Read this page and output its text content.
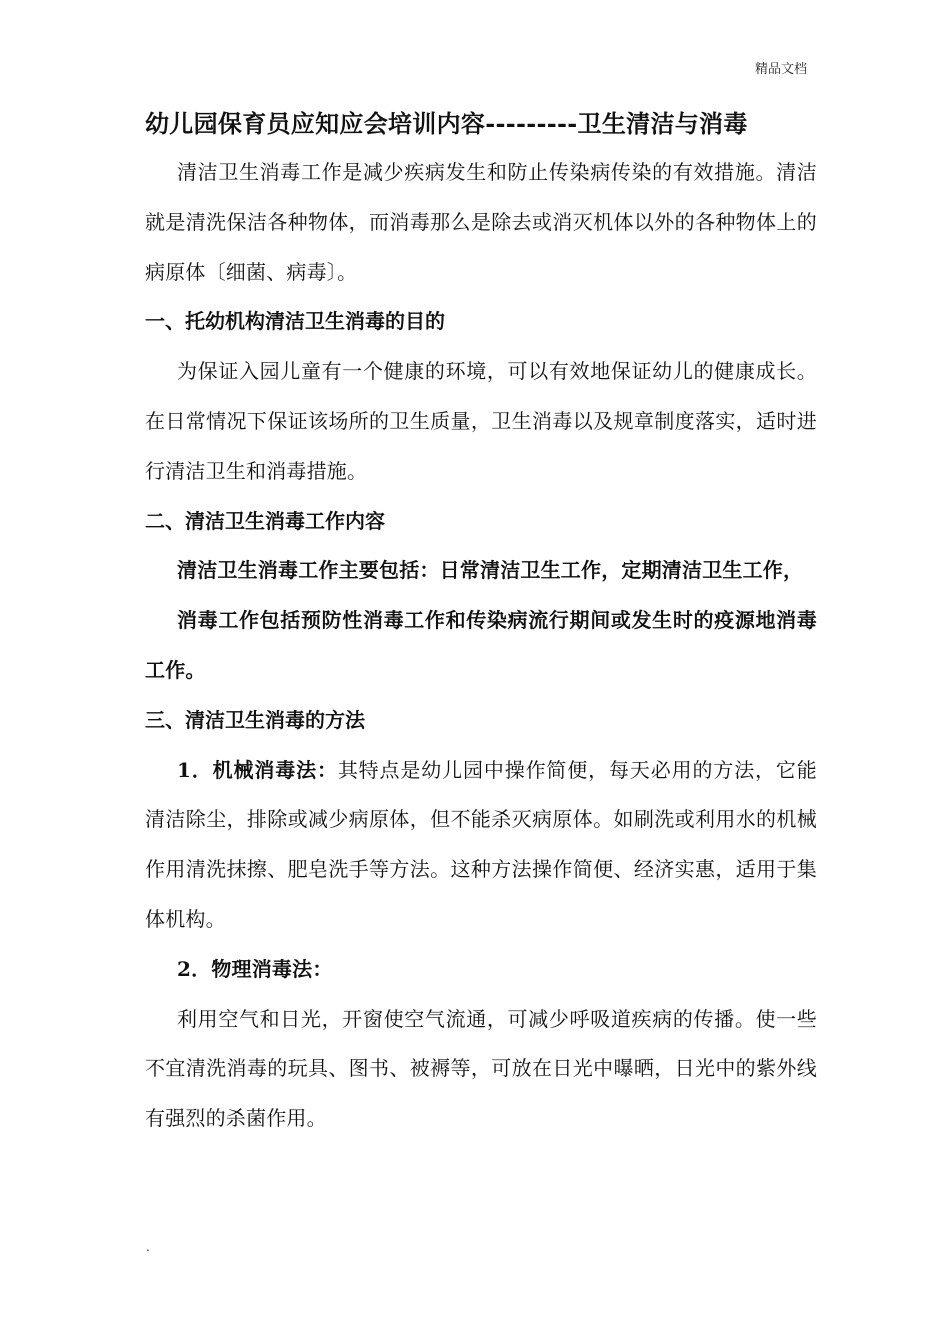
精品文档
幼儿园保育员应知应会培训内容---------卫生清洁与消毒

清洁卫生消毒工作是减少疾病发生和防止传染病传染的有效措施。清洁就是清洗保洁各种物体，而消毒那么是除去或消灭机体以外的各种物体上的病原体〔细菌、病毒〕。

一、托幼机构清洁卫生消毒的目的

为保证入园儿童有一个健康的环境，可以有效地保证幼儿的健康成长。在日常情况下保证该场所的卫生质量，卫生消毒以及规章制度落实，适时进行清洁卫生和消毒措施。

二、清洁卫生消毒工作内容

清洁卫生消毒工作主要包括：日常清洁卫生工作，定期清洁卫生工作，

消毒工作包括预防性消毒工作和传染病流行期间或发生时的疫源地消毒工作。

三、清洁卫生消毒的方法

1．机械消毒法：其特点是幼儿园中操作简便，每天必用的方法，它能清洁除尘，排除或减少病原体，但不能杀灭病原体。如刷洗或利用水的机械作用清洗抹擦、肥皂洗手等方法。这种方法操作简便、经济实惠，适用于集体机构。

2．物理消毒法：

利用空气和日光，开窗使空气流通，可减少呼吸道疾病的传播。使一些不宜清洗消毒的玩具、图书、被褥等，可放在日光中曝晒，日光中的紫外线有强烈的杀菌作用。

.
